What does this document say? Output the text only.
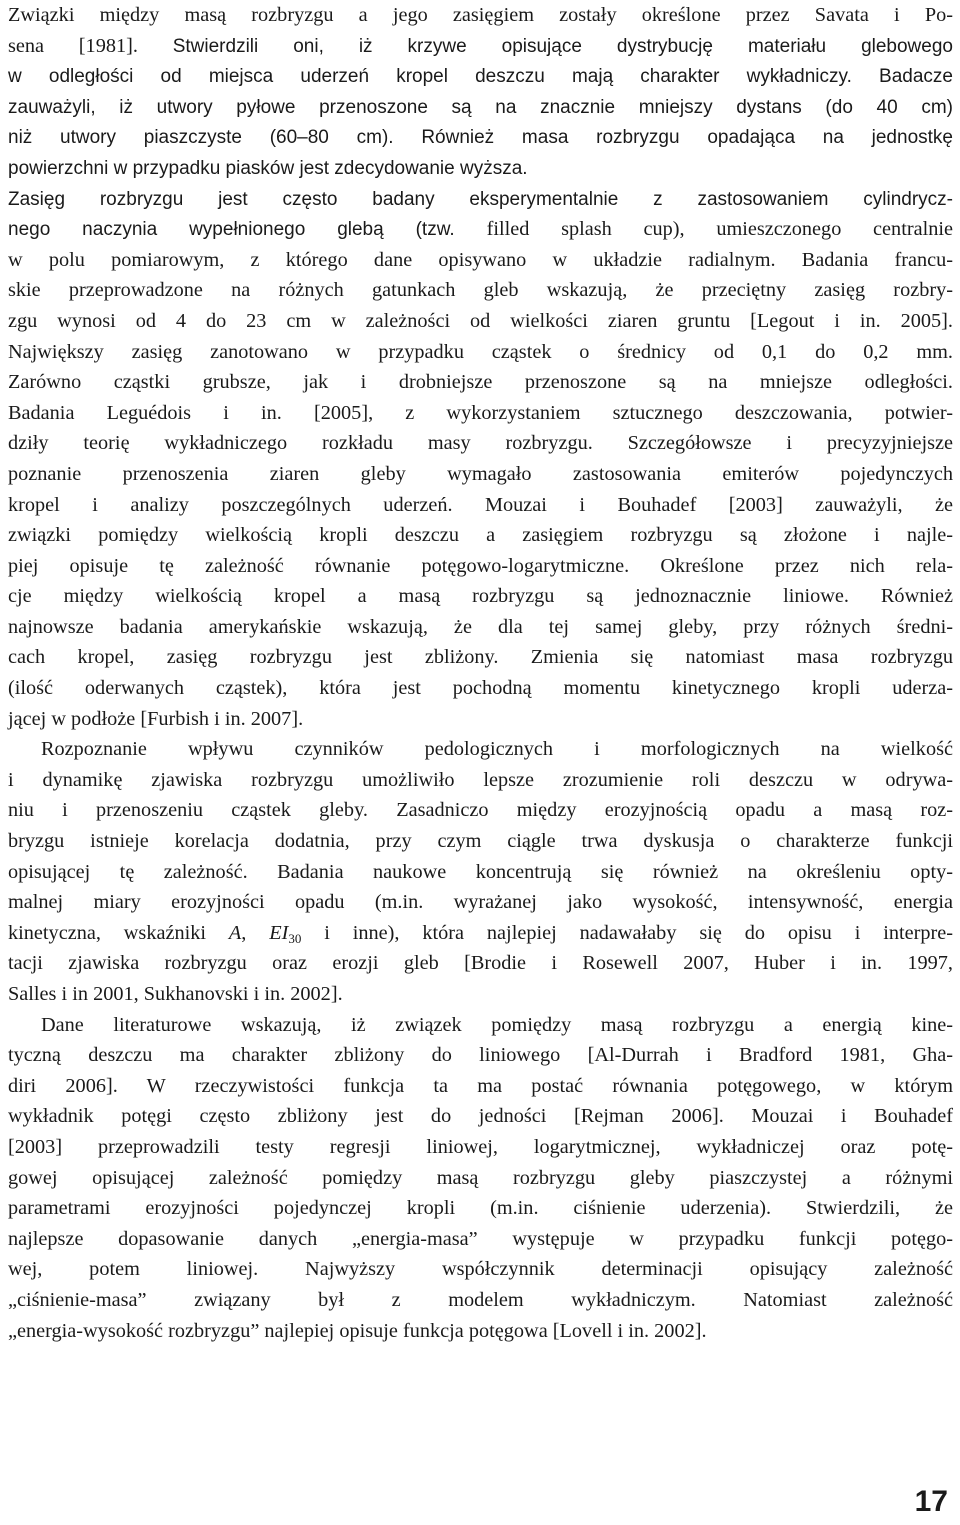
Związki między masą rozbryzgu a jego zasięgiem zostały określone przez Savata i Po-
sena [1981]. Stwierdzili oni, iż krzywe opisujące dystrybucję materiału glebowego
w odległości od miejsca uderzeń kropel deszczu mają charakter wykładniczy. Badacze
zauważyli, iż utwory pyłowe przenoszone są na znacznie mniejszy dystans (do 40 cm)
niż utwory piaszczyste (60–80 cm). Również masa rozbryzgu opadająca na jednostkę
powierzchni w przypadku piasków jest zdecydowanie wyższa.
Zasięg rozbryzgu jest często badany eksperymentalnie z zastosowaniem cylindrycz-
nego naczynia wypełnionego glebą (tzw. filled splash cup), umieszczonego centralnie
w polu pomiarowym, z którego dane opisywano w układzie radialnym. Badania francu-
skie przeprowadzone na różnych gatunkach gleb wskazują, że przeciętny zasięg rozbry-
zgu wynosi od 4 do 23 cm w zależności od wielkości ziaren gruntu [Legout i in. 2005].
Największy zasięg zanotowano w przypadku cząstek o średnicy od 0,1 do 0,2 mm.
Zarówno cząstki grubsze, jak i drobniejsze przenoszone są na mniejsze odległości.
Badania Leguédois i in. [2005], z wykorzystaniem sztucznego deszczowania, potwier-
dziły teorię wykładniczego rozkładu masy rozbryzgu. Szczegółowsze i precyzyjniejsze
poznanie przenoszenia ziaren gleby wymagało zastosowania emiterów pojedynczych
kropel i analizy poszczególnych uderzeń. Mouzai i Bouhadef [2003] zauważyli, że
związki pomiędzy wielkością kropli deszczu a zasięgiem rozbryzgu są złożone i najle-
piej opisuje tę zależność równanie potęgowo-logarytmiczne. Określone przez nich rela-
cje między wielkością kropel a masą rozbryzgu są jednoznacznie liniowe. Również
najnowsze badania amerykańskie wskazują, że dla tej samej gleby, przy różnych średni-
cach kropel, zasięg rozbryzgu jest zbliżony. Zmienia się natomiast masa rozbryzgu
(ilość oderwanych cząstek), która jest pochodną momentu kinetycznego kropli uderza-
jącej w podłoże [Furbish i in. 2007].
Rozpoznanie wpływu czynników pedologicznych i morfologicznych na wielkość
i dynamikę zjawiska rozbryzgu umożliwiło lepsze zrozumienie roli deszczu w odrywa-
niu i przenoszeniu cząstek gleby. Zasadniczo między erozyjnością opadu a masą roz-
bryzgu istnieje korelacja dodatnia, przy czym ciągle trwa dyskusja o charakterze funkcji
opisującej tę zależność. Badania naukowe koncentrują się również na określeniu opty-
malnej miary erozyjności opadu (m.in. wyrażanej jako wysokość, intensywność, energia
kinetyczna, wskaźniki A, EI30 i inne), która najlepiej nadawałaby się do opisu i interpre-
tacji zjawiska rozbryzgu oraz erozji gleb [Brodie i Rosewell 2007, Huber i in. 1997,
Salles i in 2001, Sukhanovski i in. 2002].
Dane literaturowe wskazują, iż związek pomiędzy masą rozbryzgu a energią kine-
tyczną deszczu ma charakter zbliżony do liniowego [Al-Durrah i Bradford 1981, Gha-
diri 2006]. W rzeczywistości funkcja ta ma postać równania potęgowego, w którym
wykładnik potęgi często zbliżony jest do jedności [Rejman 2006]. Mouzai i Bouhadef
[2003] przeprowadzili testy regresji liniowej, logarytmicznej, wykładniczej oraz potę-
gowej opisującej zależność pomiędzy masą rozbryzgu gleby piaszczystej a różnymi
parametrami erozyjności pojedynczej kropli (m.in. ciśnienie uderzenia). Stwierdzili, że
najlepsze dopasowanie danych „energia-masa” występuje w przypadku funkcji potęgo-
wej, potem liniowej. Najwyższy współczynnik determinacji opisujący zależność
„ciśnienie-masa” związany był z modelem wykładniczym. Natomiast zależność
„energia-wysokość rozbryzgu” najlepiej opisuje funkcja potęgowa [Lovell i in. 2002].
17
